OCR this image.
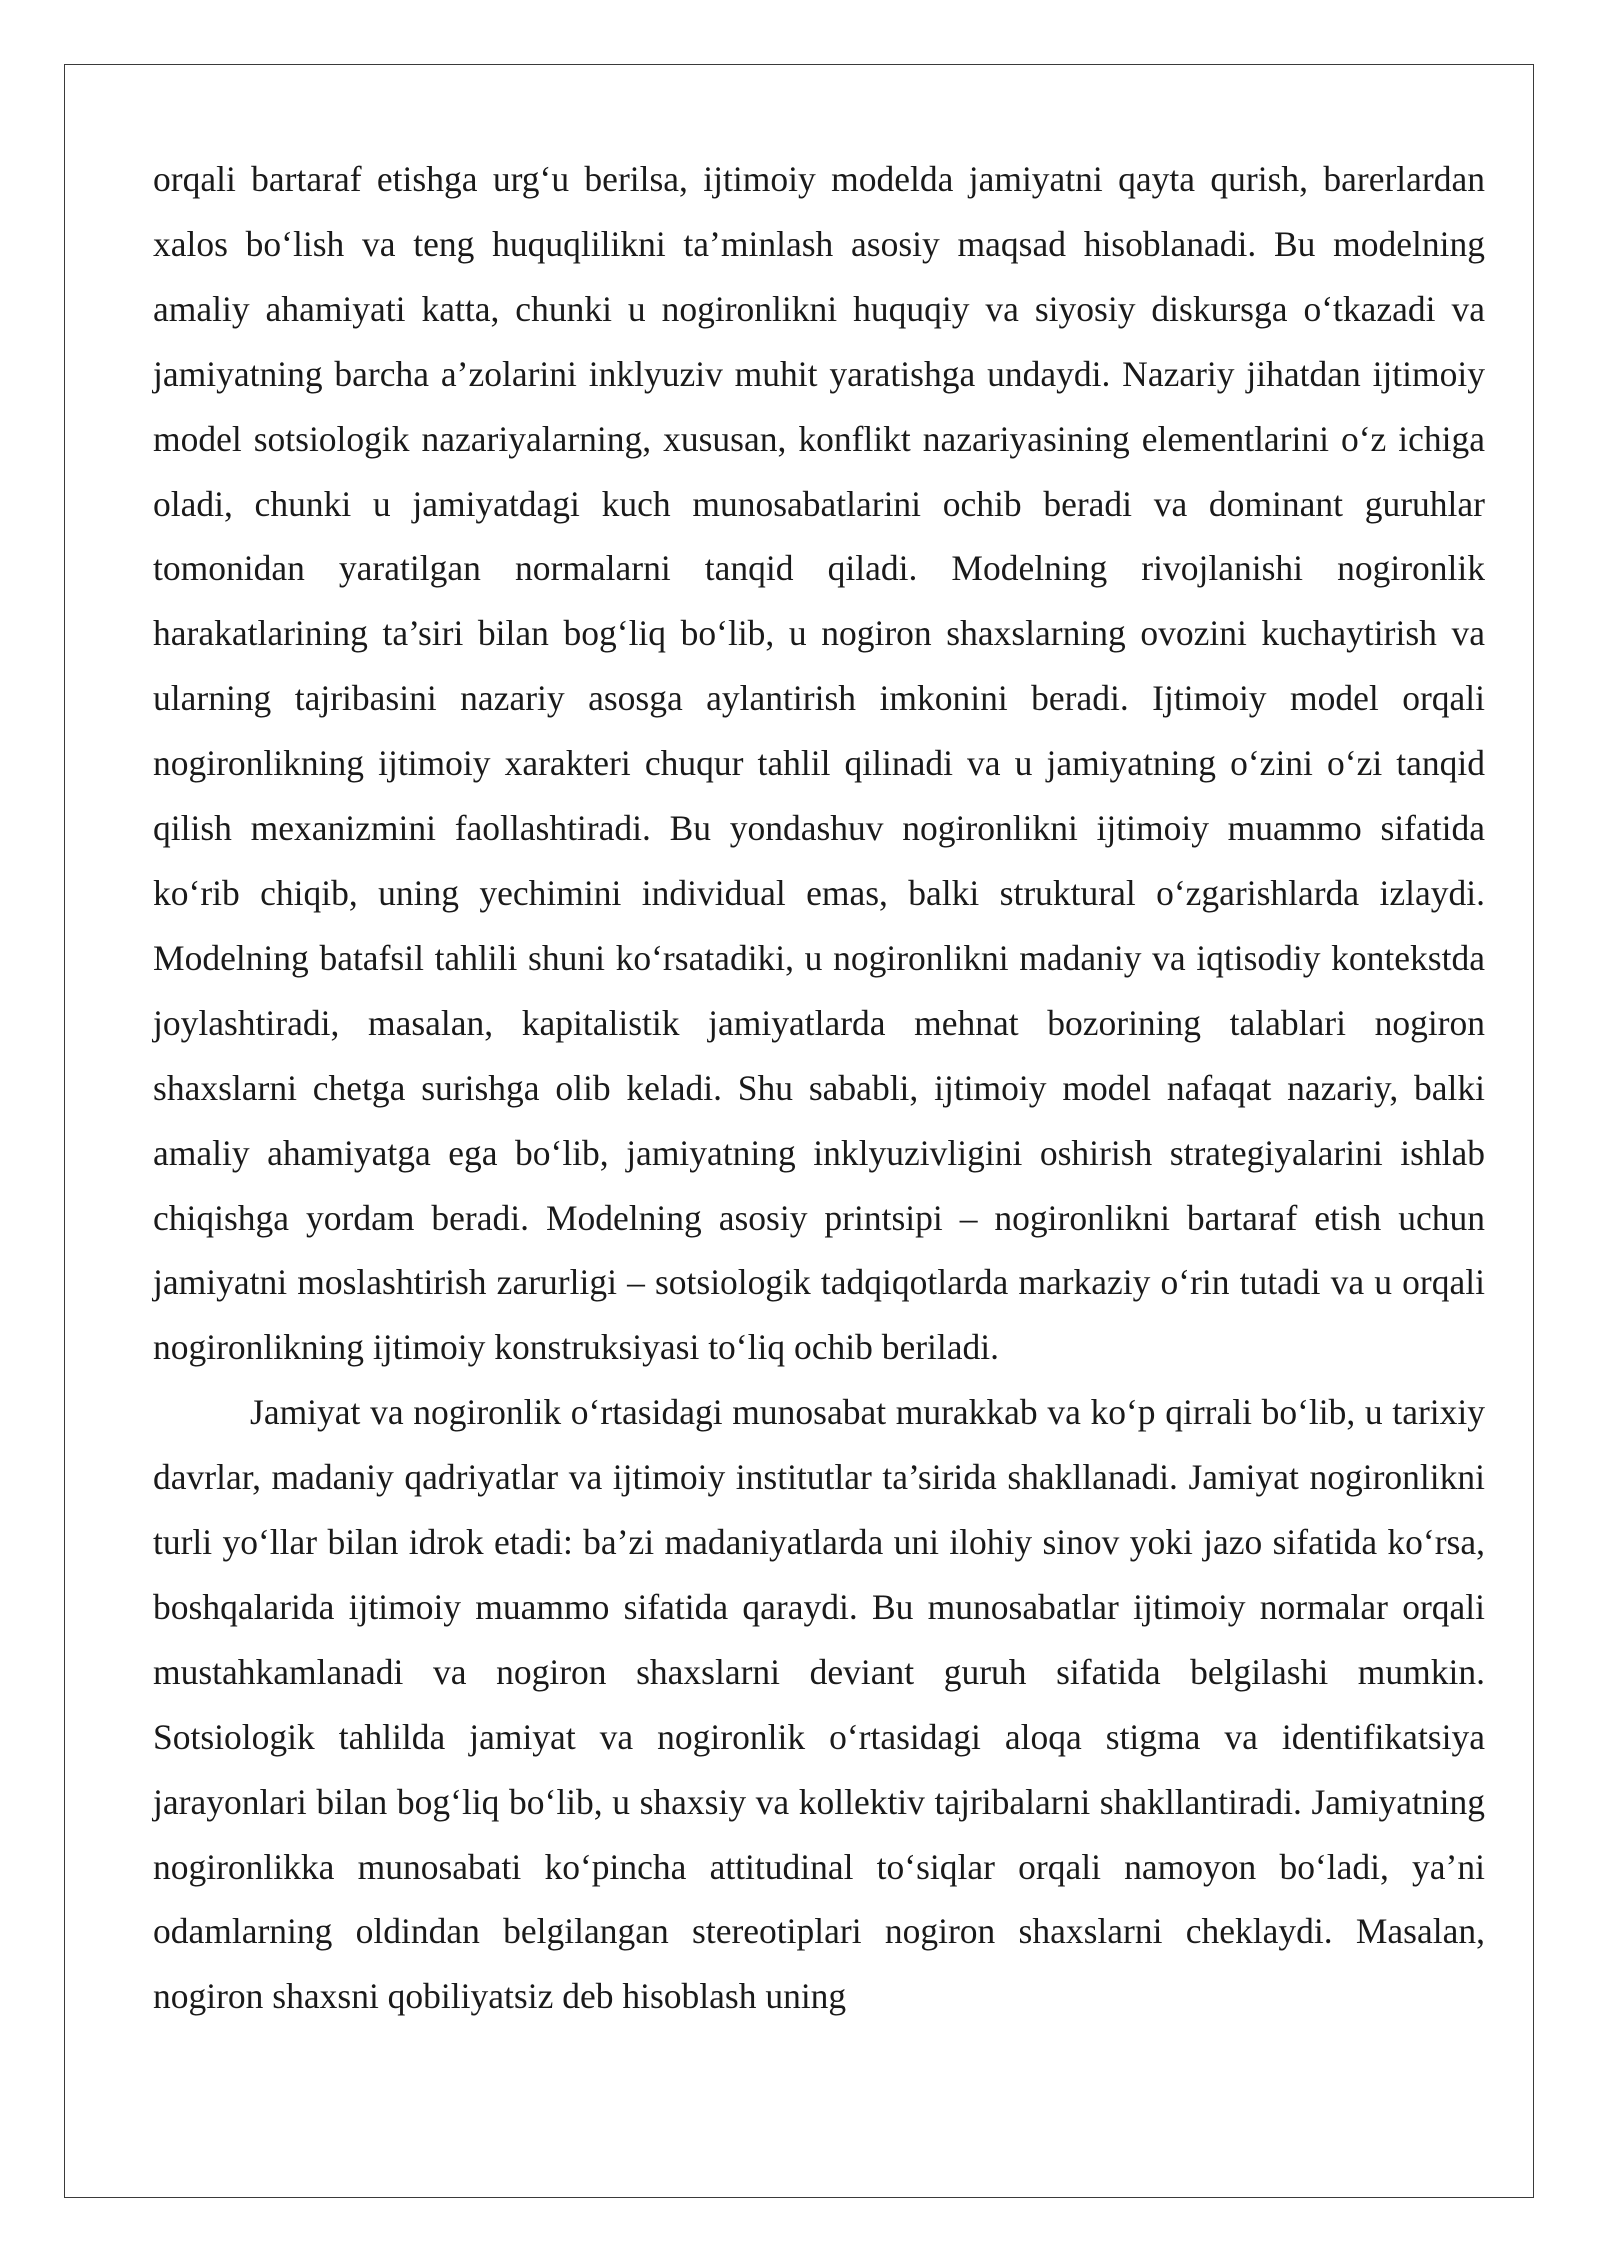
orqali bartaraf etishga urg‘u berilsa, ijtimoiy modelda jamiyatni qayta qurish, barerlardan xalos bo‘lish va teng huquqlilikni ta’minlash asosiy maqsad hisoblanadi. Bu modelning amaliy ahamiyati katta, chunki u nogironlikni huquqiy va siyosiy diskursga o‘tkazadi va jamiyatning barcha a’zolarini inklyuziv muhit yaratishga undaydi. Nazariy jihatdan ijtimoiy model sotsiologik nazariyalarning, xususan, konflikt nazariyasining elementlarini o‘z ichiga oladi, chunki u jamiyatdagi kuch munosabatlarini ochib beradi va dominant guruhlar tomonidan yaratilgan normalarni tanqid qiladi. Modelning rivojlanishi nogironlik harakatlarining ta’siri bilan bog‘liq bo‘lib, u nogiron shaxslarning ovozini kuchaytirish va ularning tajribasini nazariy asosga aylantirish imkonini beradi. Ijtimoiy model orqali nogironlikning ijtimoiy xarakteri chuqur tahlil qilinadi va u jamiyatning o‘zini o‘zi tanqid qilish mexanizmini faollashtiradi. Bu yondashuv nogironlikni ijtimoiy muammo sifatida ko‘rib chiqib, uning yechimini individual emas, balki struktural o‘zgarishlarda izlaydi. Modelning batafsil tahlili shuni ko‘rsatadiki, u nogironlikni madaniy va iqtisodiy kontekstda joylashtiradi, masalan, kapitalistik jamiyatlarda mehnat bozorining talablari nogiron shaxslarni chetga surishga olib keladi. Shu sababli, ijtimoiy model nafaqat nazariy, balki amaliy ahamiyatga ega bo‘lib, jamiyatning inklyuzivligini oshirish strategiyalarini ishlab chiqishga yordam beradi. Modelning asosiy printsipi – nogironlikni bartaraf etish uchun jamiyatni moslashtirish zarurligi – sotsiologik tadqiqotlarda markaziy o‘rin tutadi va u orqali nogironlikning ijtimoiy konstruksiyasi to‘liq ochib beriladi.

Jamiyat va nogironlik o‘rtasidagi munosabat murakkab va ko‘p qirrali bo‘lib, u tarixiy davrlar, madaniy qadriyatlar va ijtimoiy institutlar ta’sirida shakllanadi. Jamiyat nogironlikni turli yo‘llar bilan idrok etadi: ba’zi madaniyatlarda uni ilohiy sinov yoki jazo sifatida ko‘rsa, boshqalarida ijtimoiy muammo sifatida qaraydi. Bu munosabatlar ijtimoiy normalar orqali mustahkamlanadi va nogiron shaxslarni deviant guruh sifatida belgilashi mumkin. Sotsiologik tahlilda jamiyat va nogironlik o‘rtasidagi aloqa stigma va identifikatsiya jarayonlari bilan bog‘liq bo‘lib, u shaxsiy va kollektiv tajribalarni shakllantiradi. Jamiyatning nogironlikka munosabati ko‘pincha attitudinal to‘siqlar orqali namoyon bo‘ladi, ya’ni odamlarning oldindan belgilangan stereotiplari nogiron shaxslarni cheklaydi. Masalan, nogiron shaxsni qobiliyatsiz deb hisoblash uning
